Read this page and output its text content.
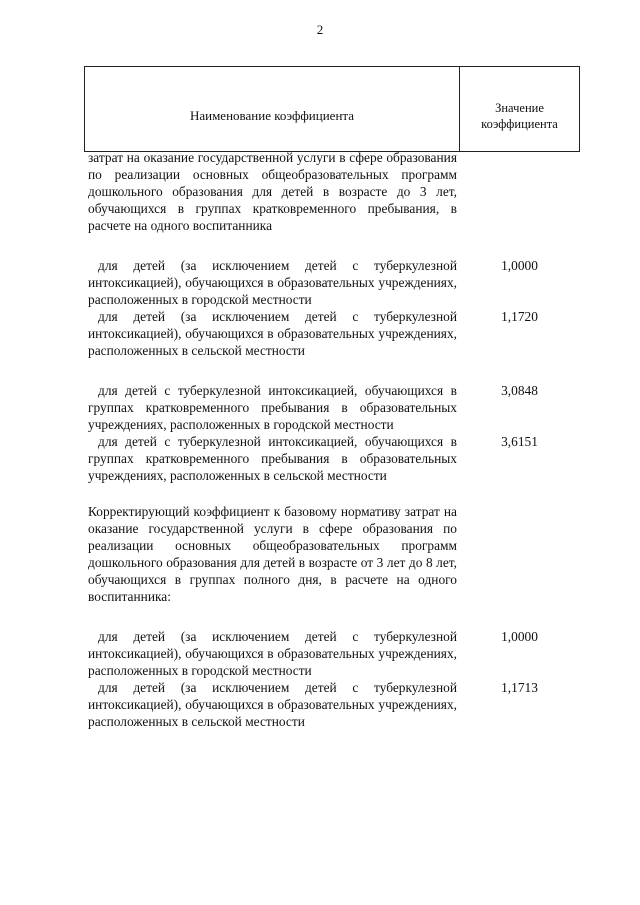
2
Наименование коэффициента	Значение
коэффициента
затрат на оказание государственной услуги в сфере образования по реализации основных общеобразовательных программ дошкольного образования для детей в возрасте до 3 лет, обучающихся в группах кратковременного пребывания, в расчете на одного воспитанника
для детей (за исключением детей с туберкулезной интоксикацией), обучающихся в образовательных учреждениях, расположенных в городской местности
1,0000
для детей (за исключением детей с туберкулезной интоксикацией), обучающихся в образовательных учреждениях, расположенных в сельской местности
1,1720
для детей с туберкулезной интоксикацией, обучающихся в группах кратковременного пребывания в образовательных учреждениях, расположенных в городской местности
3,0848
для детей с туберкулезной интоксикацией, обучающихся в группах кратковременного пребывания в образовательных учреждениях, расположенных в сельской местности
3,6151
Корректирующий коэффициент к базовому нормативу затрат на оказание государственной услуги в сфере образования по реализации основных общеобразовательных программ дошкольного образования для детей в возрасте от 3 лет до 8 лет, обучающихся в группах полного дня, в расчете на одного воспитанника:
для детей (за исключением детей с туберкулезной интоксикацией), обучающихся в образовательных учреждениях, расположенных в городской местности
1,0000
для детей (за исключением детей с туберкулезной интоксикацией), обучающихся в образовательных учреждениях, расположенных в сельской местности
1,1713
